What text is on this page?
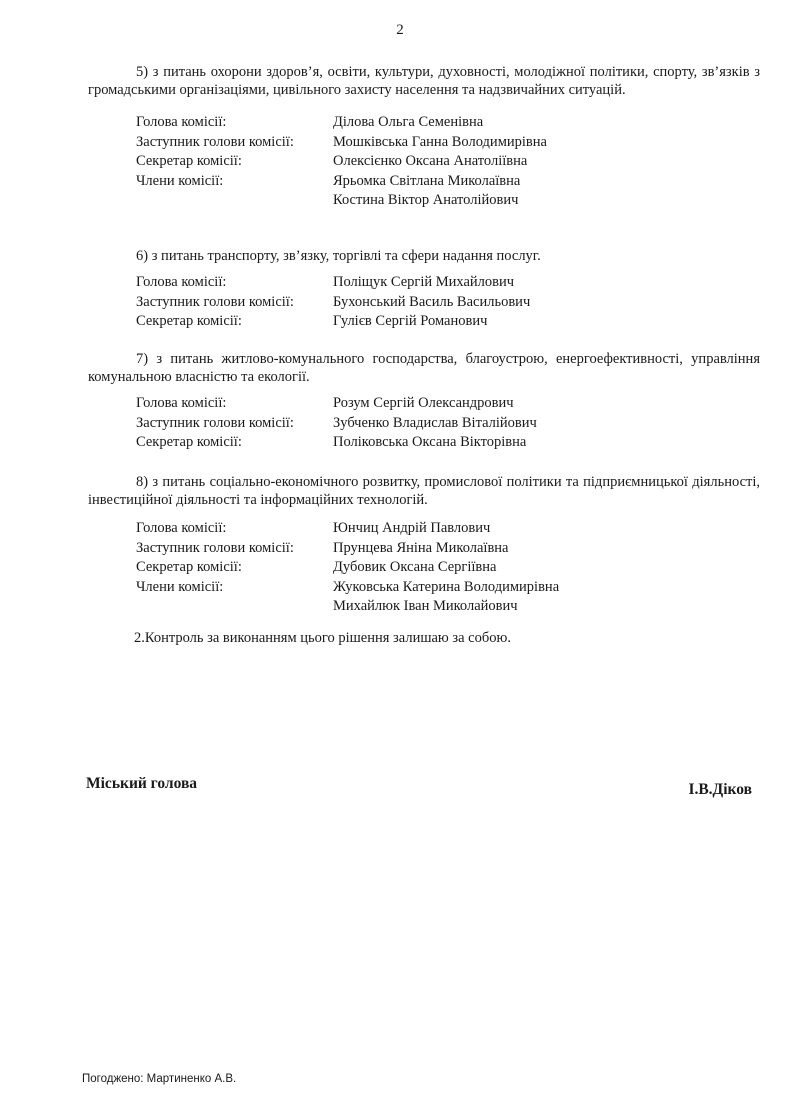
2
5) з питань охорони здоров’я, освіти, культури, духовності, молодіжної політики, спорту, зв’язків з громадськими організаціями, цивільного захисту населення та надзвичайних ситуацій.
Голова комісії:	Ділова Ольга Семенівна
Заступник голови комісії:	Мошківська Ганна Володимирівна
Секретар комісії:	Олексієнко Оксана Анатоліївна
Члени комісії:	Ярьомка Світлана Миколаївна
Костина Віктор Анатолійович
6) з питань транспорту, зв’язку, торгівлі та сфери надання послуг.
Голова комісії:	Поліщук Сергій Михайлович
Заступник голови комісії:	Бухонський Василь Васильович
Секретар комісії:	Гулієв Сергій Романович
7) з питань житлово-комунального господарства, благоустрою, енергоефективності, управління комунальною власністю та екології.
Голова комісії:	Розум Сергій Олександрович
Заступник голови комісії:	Зубченко Владислав Віталійович
Секретар комісії:	Поліковська Оксана Вікторівна
8) з питань соціально-економічного розвитку, промислової політики та підприємницької діяльності, інвестиційної діяльності та інформаційних технологій.
Голова комісії:	Юнчиц Андрій Павлович
Заступник голови комісії:	Прунцева Яніна Миколаївна
Секретар комісії:	Дубовик Оксана Сергіївна
Члени комісії:	Жуковська Катерина Володимирівна
Михайлюк Іван Миколайович
2.Контроль за виконанням цього рішення залишаю за собою.
Міський голова	І.В.Діков
Погоджено: Мартиненко А.В.
